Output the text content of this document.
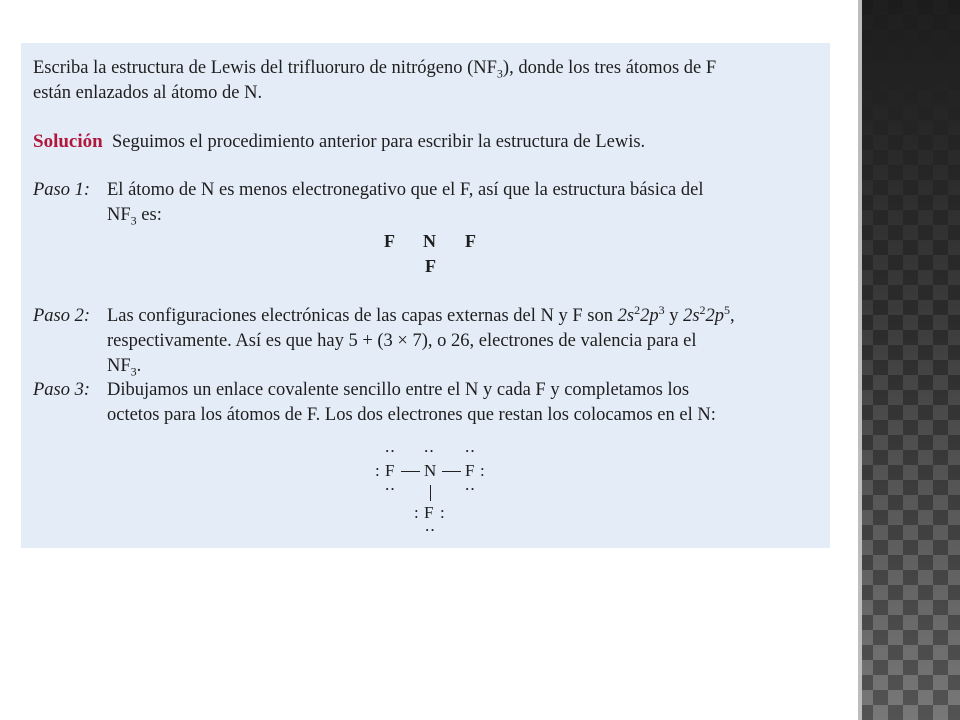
Escriba la estructura de Lewis del trifluoruro de nitrógeno $(NF_3)$, donde los tres átomos de F
están enlazados al átomo de N.
Solución Seguimos el procedimiento anterior para escribir la estructura de Lewis.
Paso 1: El átomo de N es menos electronegativo que el F, así que la estructura básica del
$NF_3$ es:
F N F
F
Paso 2: Las configuraciones electrónicas de las capas externas del N y F son $2s^22p^3$ y $2s^22p^5$,
respectivamente. Así es que hay 5 + (3 × 7), o 26, electrones de valencia para el
$NF_3$.
Paso 3: Dibujamos un enlace covalente sencillo entre el N y cada F y completamos los
octetos para los átomos de F. Los dos electrones que restan los colocamos en el N:
··
: F
··
··
N
··
F :
··
: F :
··
